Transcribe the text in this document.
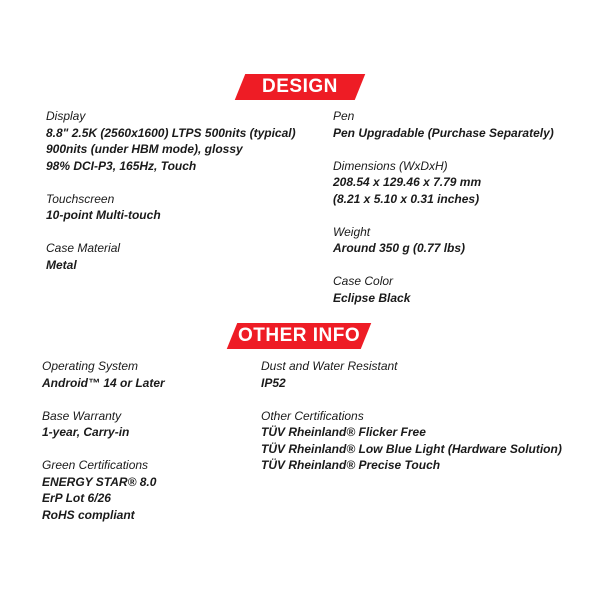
DESIGN
OTHER INFO
Display
8.8" 2.5K (2560x1600) LTPS 500nits (typical)
900nits (under HBM mode), glossy
98% DCI-P3, 165Hz, Touch
Touchscreen
10-point Multi-touch
Case Material
Metal
Pen
Pen Upgradable (Purchase Separately)
Dimensions (WxDxH)
208.54 x 129.46 x 7.79 mm
(8.21 x 5.10 x 0.31 inches)
Weight
Around 350 g (0.77 lbs)
Case Color
Eclipse Black
Operating System
Android™ 14 or Later
Base Warranty
1-year, Carry-in
Green Certifications
ENERGY STAR® 8.0
ErP Lot 6/26
RoHS compliant
Dust and Water Resistant
IP52
Other Certifications
TÜV Rheinland® Flicker Free
TÜV Rheinland® Low Blue Light (Hardware Solution)
TÜV Rheinland® Precise Touch
